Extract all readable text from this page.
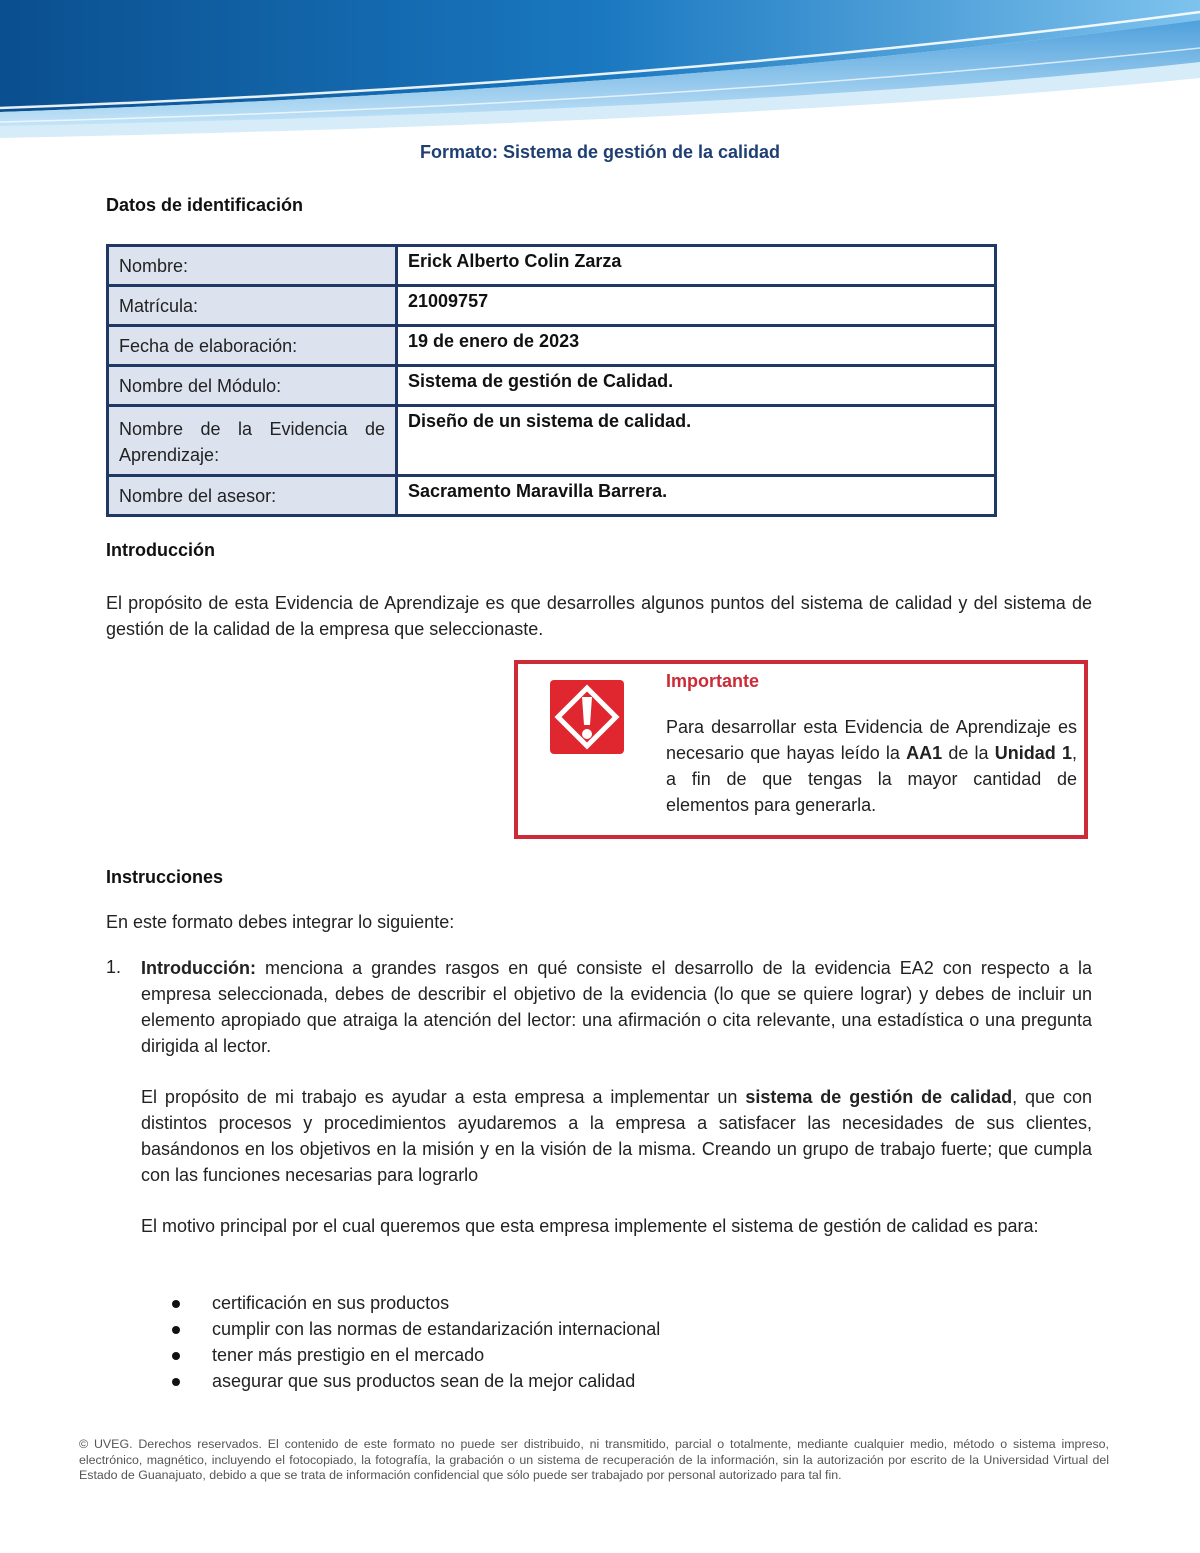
Formato: Sistema de gestión de la calidad
Datos de identificación
Nombre:	Erick Alberto Colin Zarza
Matrícula:	21009757
Fecha de elaboración:	19 de enero de 2023
Nombre del Módulo:	Sistema de gestión de Calidad.
Nombre de la Evidencia de Aprendizaje:	Diseño de un sistema de calidad.
Nombre del asesor:	Sacramento Maravilla Barrera.
Introducción
El propósito de esta Evidencia de Aprendizaje es que desarrolles algunos puntos del sistema de calidad y del sistema de gestión de la calidad de la empresa que seleccionaste.
Importante
Para desarrollar esta Evidencia de Aprendizaje es necesario que hayas leído la AA1 de la Unidad 1, a fin de que tengas la mayor cantidad de elementos para generarla.
Instrucciones
En este formato debes integrar lo siguiente:
1. Introducción: menciona a grandes rasgos en qué consiste el desarrollo de la evidencia EA2 con respecto a la empresa seleccionada, debes de describir el objetivo de la evidencia (lo que se quiere lograr) y debes de incluir un elemento apropiado que atraiga la atención del lector: una afirmación o cita relevante, una estadística o una pregunta dirigida al lector.
El propósito de mi trabajo es ayudar a esta empresa a implementar un sistema de gestión de calidad, que con distintos procesos y procedimientos ayudaremos a la empresa a satisfacer las necesidades de sus clientes, basándonos en los objetivos en la misión y en la visión de la misma. Creando un grupo de trabajo fuerte; que cumpla con las funciones necesarias para lograrlo
El motivo principal por el cual queremos que esta empresa implemente el sistema de gestión de calidad es para:
certificación en sus productos
cumplir con las normas de estandarización internacional
tener más prestigio en el mercado
asegurar que sus productos sean de la mejor calidad
© UVEG. Derechos reservados. El contenido de este formato no puede ser distribuido, ni transmitido, parcial o totalmente, mediante cualquier medio, método o sistema impreso, electrónico, magnético, incluyendo el fotocopiado, la fotografía, la grabación o un sistema de recuperación de la información, sin la autorización por escrito de la Universidad Virtual del Estado de Guanajuato, debido a que se trata de información confidencial que sólo puede ser trabajado por personal autorizado para tal fin.
